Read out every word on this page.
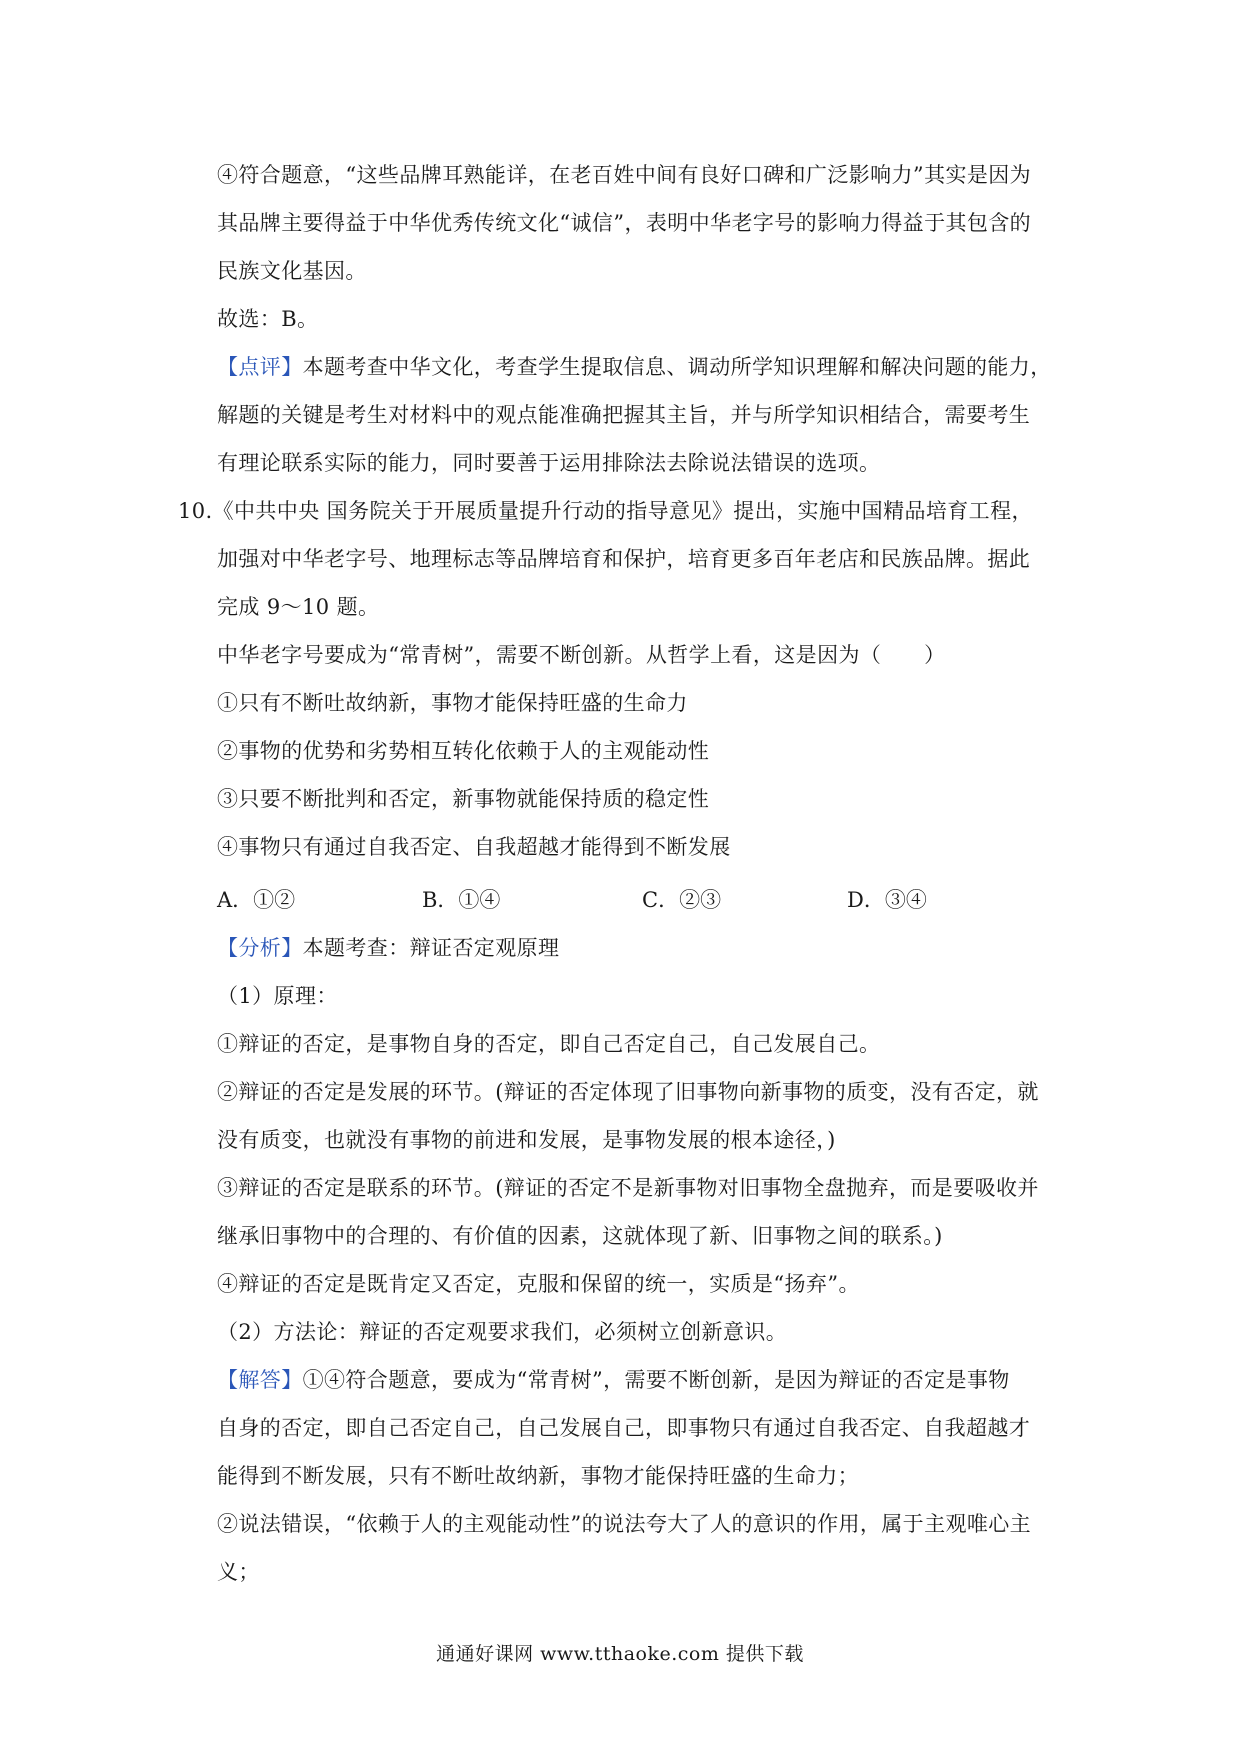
④符合题意，“这些品牌耳熟能详，在老百姓中间有良好口碑和广泛影响力”其实是因为
其品牌主要得益于中华优秀传统文化“诚信”，表明中华老字号的影响力得益于其包含的
民族文化基因。
故选：B。
【点评】本题考查中华文化，考查学生提取信息、调动所学知识理解和解决问题的能力，
解题的关键是考生对材料中的观点能准确把握其主旨，并与所学知识相结合，需要考生
有理论联系实际的能力，同时要善于运用排除法去除说法错误的选项。
10.《中共中央 国务院关于开展质量提升行动的指导意见》提出，实施中国精品培育工程，
加强对中华老字号、地理标志等品牌培育和保护，培育更多百年老店和民族品牌。据此
完成 9～10 题。
中华老字号要成为“常青树”，需要不断创新。从哲学上看，这是因为（　　）
①只有不断吐故纳新，事物才能保持旺盛的生命力
②事物的优势和劣势相互转化依赖于人的主观能动性
③只要不断批判和否定，新事物就能保持质的稳定性
④事物只有通过自我否定、自我超越才能得到不断发展
A．①②	B．①④	C．②③	D．③④
【分析】本题考查：辩证否定观原理
（1）原理：
①辩证的否定，是事物自身的否定，即自己否定自己，自己发展自己。
②辩证的否定是发展的环节。(辩证的否定体现了旧事物向新事物的质变，没有否定，就
没有质变，也就没有事物的前进和发展，是事物发展的根本途径，)
③辩证的否定是联系的环节。(辩证的否定不是新事物对旧事物全盘抛弃，而是要吸收并
继承旧事物中的合理的、有价值的因素，这就体现了新、旧事物之间的联系。)
④辩证的否定是既肯定又否定，克服和保留的统一，实质是“扬弃”。
（2）方法论：辩证的否定观要求我们，必须树立创新意识。
【解答】①④符合题意，要成为“常青树”，需要不断创新，是因为辩证的否定是事物
自身的否定，即自己否定自己，自己发展自己，即事物只有通过自我否定、自我超越才
能得到不断发展，只有不断吐故纳新，事物才能保持旺盛的生命力；
②说法错误，“依赖于人的主观能动性”的说法夸大了人的意识的作用，属于主观唯心主
义；
通通好课网 www.tthaoke.com 提供下载
